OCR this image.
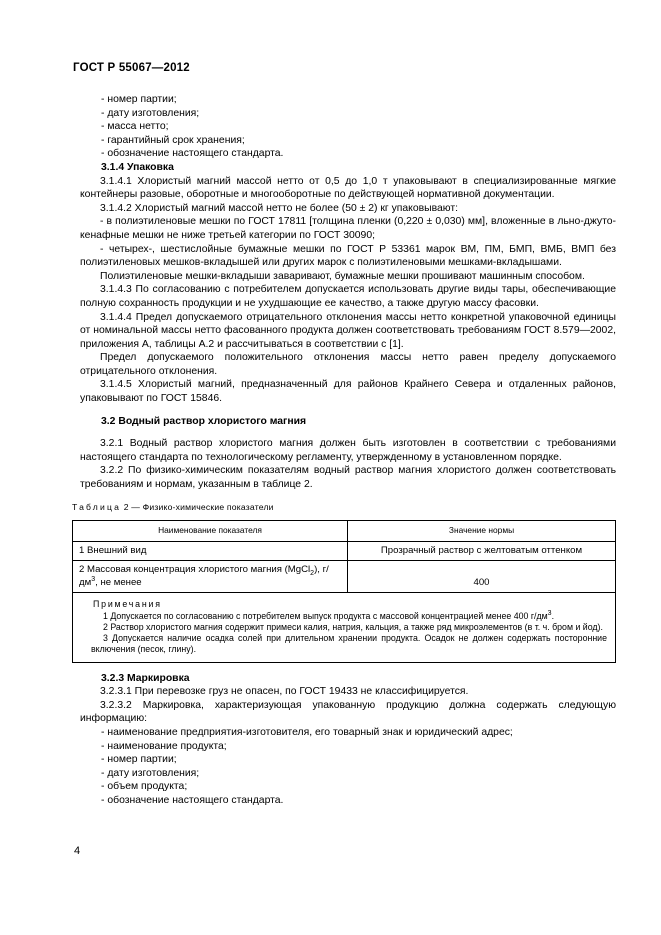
ГОСТ Р 55067—2012

- номер партии;

- дату изготовления;

- масса нетто;

- гарантийный срок хранения;

- обозначение настоящего стандарта.

3.1.4 Упаковка

3.1.4.1 Хлористый магний массой нетто от 0,5 до 1,0 т упаковывают в специализированные мягкие контейнеры разовые, оборотные и многооборотные по действующей нормативной документации.

3.1.4.2 Хлористый магний массой нетто не более (50 ± 2) кг упаковывают:

- в полиэтиленовые мешки по ГОСТ 17811 [толщина пленки (0,220 ± 0,030) мм], вложенные в льно-джуто-кенафные мешки не ниже третьей категории по ГОСТ 30090;

- четырех-, шестислойные бумажные мешки по ГОСТ Р 53361 марок ВМ, ПМ, БМП, ВМБ, ВМП без полиэтиленовых мешков-вкладышей или других марок с полиэтиленовыми мешками-вкладышами.

Полиэтиленовые мешки-вкладыши заваривают, бумажные мешки прошивают машинным способом.

3.1.4.3 По согласованию с потребителем допускается использовать другие виды тары, обеспечивающие полную сохранность продукции и не ухудшающие ее качество, а также другую массу фасовки.

3.1.4.4 Предел допускаемого отрицательного отклонения массы нетто конкретной упаковочной единицы от номинальной массы нетто фасованного продукта должен соответствовать требованиям ГОСТ 8.579—2002, приложения А, таблицы А.2 и рассчитываться в соответствии с [1].

Предел допускаемого положительного отклонения массы нетто равен пределу допускаемого отрицательного отклонения.

3.1.4.5 Хлористый магний, предназначенный для районов Крайнего Севера и отдаленных районов, упаковывают по ГОСТ 15846.

3.2 Водный раствор хлористого магния

3.2.1 Водный раствор хлористого магния должен быть изготовлен в соответствии с требованиями настоящего стандарта по технологическому регламенту, утвержденному в установленном порядке.

3.2.2 По физико-химическим показателям водный раствор магния хлористого должен соответствовать требованиям и нормам, указанным в таблице 2.

Таблица 2 — Физико-химические показатели
Наименование показателя	Значение нормы
1 Внешний вид	Прозрачный раствор с желтоватым оттенком
2 Массовая концентрация хлористого магния (MgCl$_2$), $г/дм^3$, не менее	400

Примечания

1 Допускается по согласованию с потребителем выпуск продукта с массовой концентрацией менее 400 $г/дм^3$.

2 Раствор хлористого магния содержит примеси калия, натрия, кальция, а также ряд микроэлементов (в т. ч. бром и йод).

3 Допускается наличие осадка солей при длительном хранении продукта. Осадок не должен содержать посторонние включения (песок, глину).	

3.2.3 Маркировка

3.2.3.1 При перевозке груз не опасен, по ГОСТ 19433 не классифицируется.

3.2.3.2 Маркировка, характеризующая упакованную продукцию должна содержать следующую информацию:

- наименование предприятия-изготовителя, его товарный знак и юридический адрес;

- наименование продукта;

- номер партии;

- дату изготовления;

- объем продукта;

- обозначение настоящего стандарта.

4
